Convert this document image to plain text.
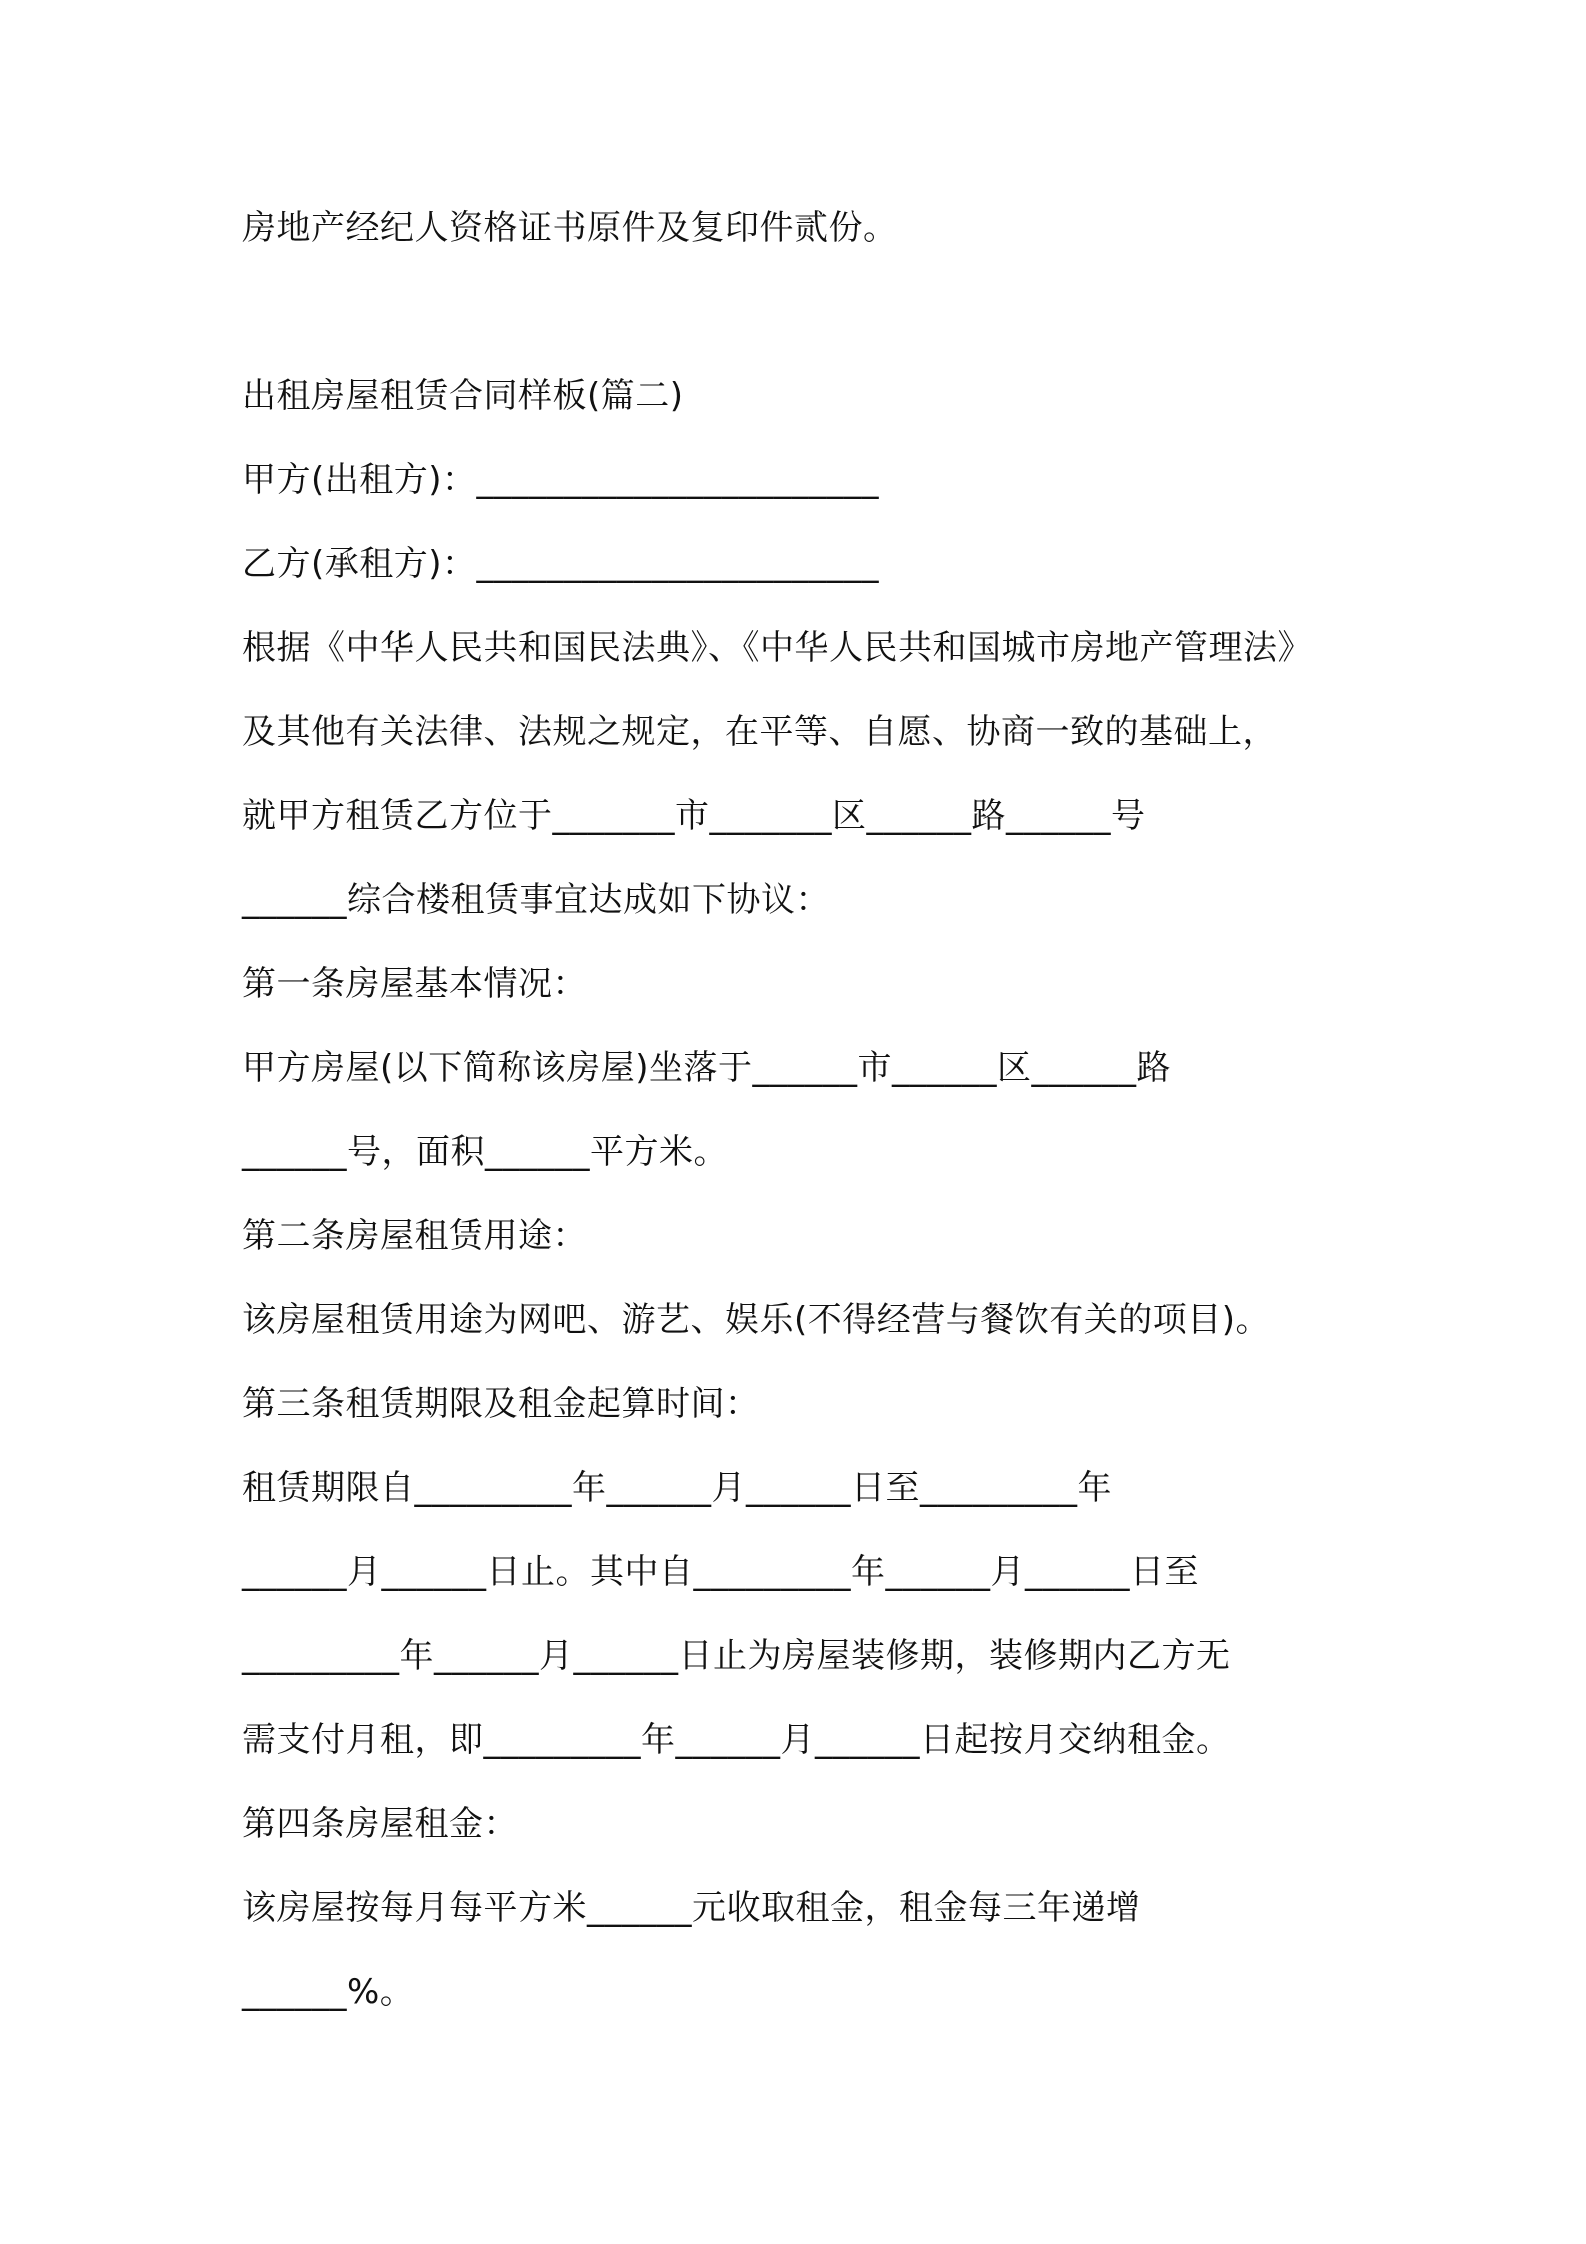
房地产经纪人资格证书原件及复印件贰份。
出租房屋租赁合同样板(篇二)
甲方(出租方)：_______________________
乙方(承租方)：_______________________
根据《中华人民共和国民法典》、《中华人民共和国城市房地产管理法》
及其他有关法律、法规之规定，在平等、自愿、协商一致的基础上，
就甲方租赁乙方位于_______市_______区______路______号
______综合楼租赁事宜达成如下协议：
第一条房屋基本情况：
甲方房屋(以下简称该房屋)坐落于______市______区______路
______号，面积______平方米。
第二条房屋租赁用途：
该房屋租赁用途为网吧、游艺、娱乐(不得经营与餐饮有关的项目)。
第三条租赁期限及租金起算时间：
租赁期限自_________年______月______日至_________年
______月______日止。其中自_________年______月______日至
_________年______月______日止为房屋装修期，装修期内乙方无
需支付月租，即_________年______月______日起按月交纳租金。
第四条房屋租金：
该房屋按每月每平方米______元收取租金，租金每三年递增
______%。
